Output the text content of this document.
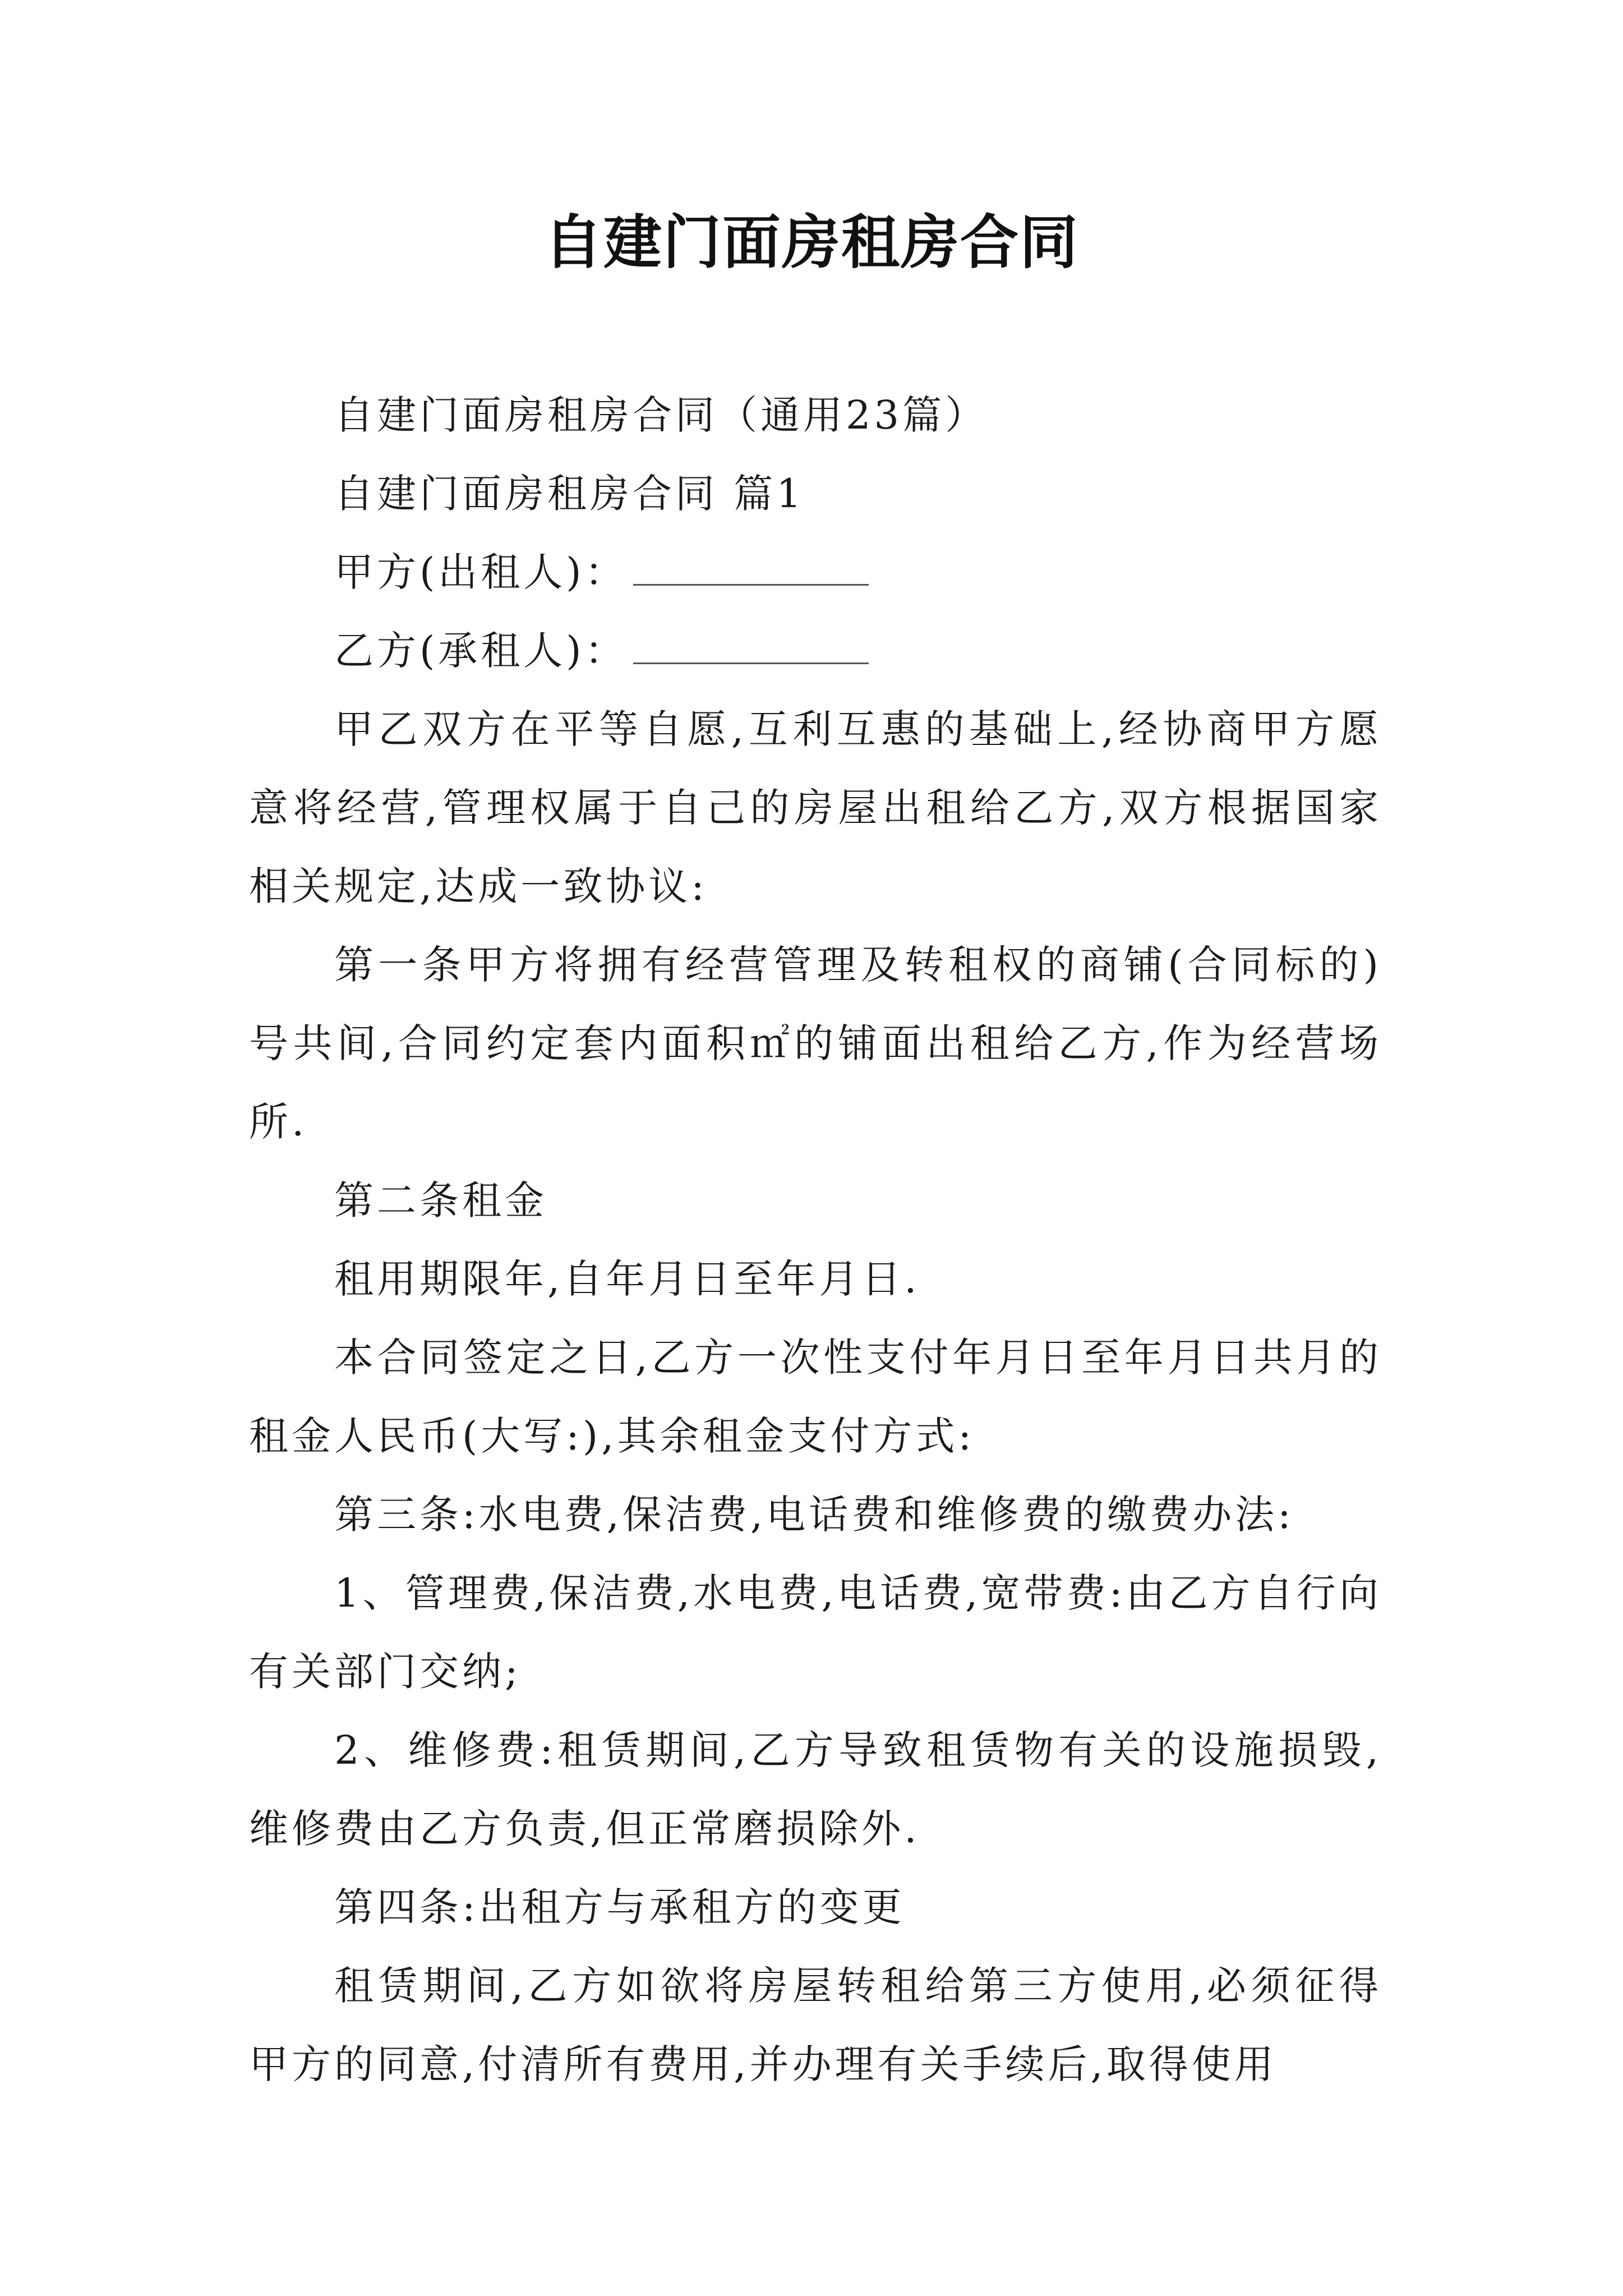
自建门面房租房合同

自建门面房租房合同（通用23篇）

自建门面房租房合同 篇1

甲方(出租人)：

乙方(承租人)：

甲乙双方在平等自愿,互利互惠的基础上,经协商甲方愿意将经营,管理权属于自己的房屋出租给乙方,双方根据国家相关规定,达成一致协议:

第一条甲方将拥有经营管理及转租权的商铺(合同标的)号共间,合同约定套内面积㎡的铺面出租给乙方,作为经营场所.

第二条租金

租用期限年,自年月日至年月日.

本合同签定之日,乙方一次性支付年月日至年月日共月的租金人民币(大写:),其余租金支付方式:

第三条:水电费,保洁费,电话费和维修费的缴费办法:

1、管理费,保洁费,水电费,电话费,宽带费:由乙方自行向有关部门交纳;

2、维修费:租赁期间,乙方导致租赁物有关的设施损毁,维修费由乙方负责,但正常磨损除外.

第四条:出租方与承租方的变更

租赁期间,乙方如欲将房屋转租给第三方使用,必须征得甲方的同意,付清所有费用,并办理有关手续后,取得使用
